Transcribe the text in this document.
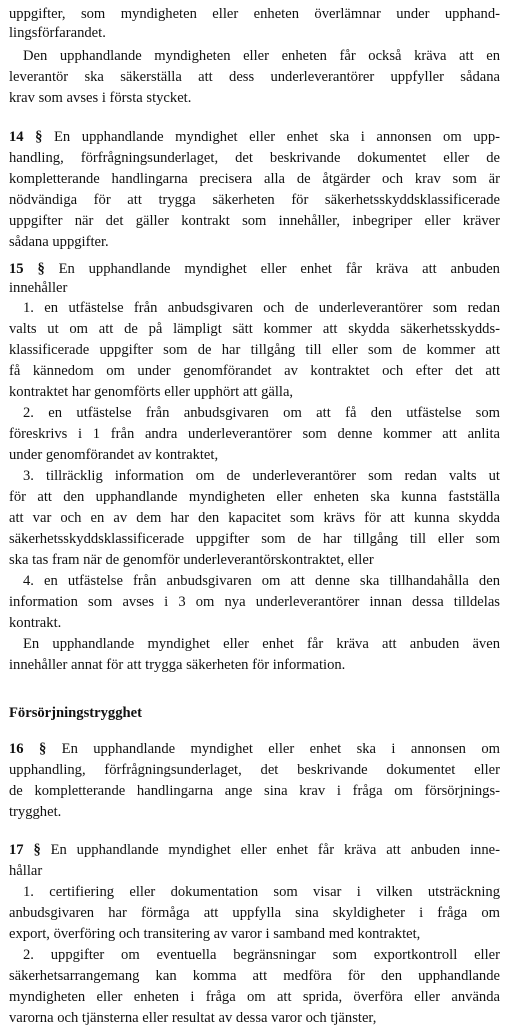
uppgifter, som myndigheten eller enheten överlämnar under upphand-
lingsförfarandet.
Den upphandlande myndigheten eller enheten får också kräva att en
leverantör ska säkerställa att dess underleverantörer uppfyller sådana
krav som avses i första stycket.
14 § En upphandlande myndighet eller enhet ska i annonsen om upp-
handling, förfrågningsunderlaget, det beskrivande dokumentet eller de
kompletterande handlingarna precisera alla de åtgärder och krav som är
nödvändiga för att trygga säkerheten för säkerhetsskyddsklassificerade
uppgifter när det gäller kontrakt som innehåller, inbegriper eller kräver
sådana uppgifter.
15 § En upphandlande myndighet eller enhet får kräva att anbuden
innehåller
1. en utfästelse från anbudsgivaren och de underleverantörer som redan
valts ut om att de på lämpligt sätt kommer att skydda säkerhetsskydds-
klassificerade uppgifter som de har tillgång till eller som de kommer att
få kännedom om under genomförandet av kontraktet och efter det att
kontraktet har genomförts eller upphört att gälla,
2. en utfästelse från anbudsgivaren om att få den utfästelse som
föreskrivs i 1 från andra underleverantörer som denne kommer att anlita
under genomförandet av kontraktet,
3. tillräcklig information om de underleverantörer som redan valts ut
för att den upphandlande myndigheten eller enheten ska kunna fastställa
att var och en av dem har den kapacitet som krävs för att kunna skydda
säkerhetsskyddsklassificerade uppgifter som de har tillgång till eller som
ska tas fram när de genomför underleverantörskontraktet, eller
4. en utfästelse från anbudsgivaren om att denne ska tillhandahålla den
information som avses i 3 om nya underleverantörer innan dessa tilldelas
kontrakt.
En upphandlande myndighet eller enhet får kräva att anbuden även
innehåller annat för att trygga säkerheten för information.
Försörjningstrygghet
16 § En upphandlande myndighet eller enhet ska i annonsen om
upphandling, förfrågningsunderlaget, det beskrivande dokumentet eller
de kompletterande handlingarna ange sina krav i fråga om försörjnings-
trygghet.
17 § En upphandlande myndighet eller enhet får kräva att anbuden inne-
hållar
1. certifiering eller dokumentation som visar i vilken utsträckning
anbudsgivaren har förmåga att uppfylla sina skyldigheter i fråga om
export, överföring och transitering av varor i samband med kontraktet,
2. uppgifter om eventuella begränsningar som exportkontroll eller
säkerhetsarrangemang kan komma att medföra för den upphandlande
myndigheten eller enheten i fråga om att sprida, överföra eller använda
varorna och tjänsterna eller resultat av dessa varor och tjänster,
